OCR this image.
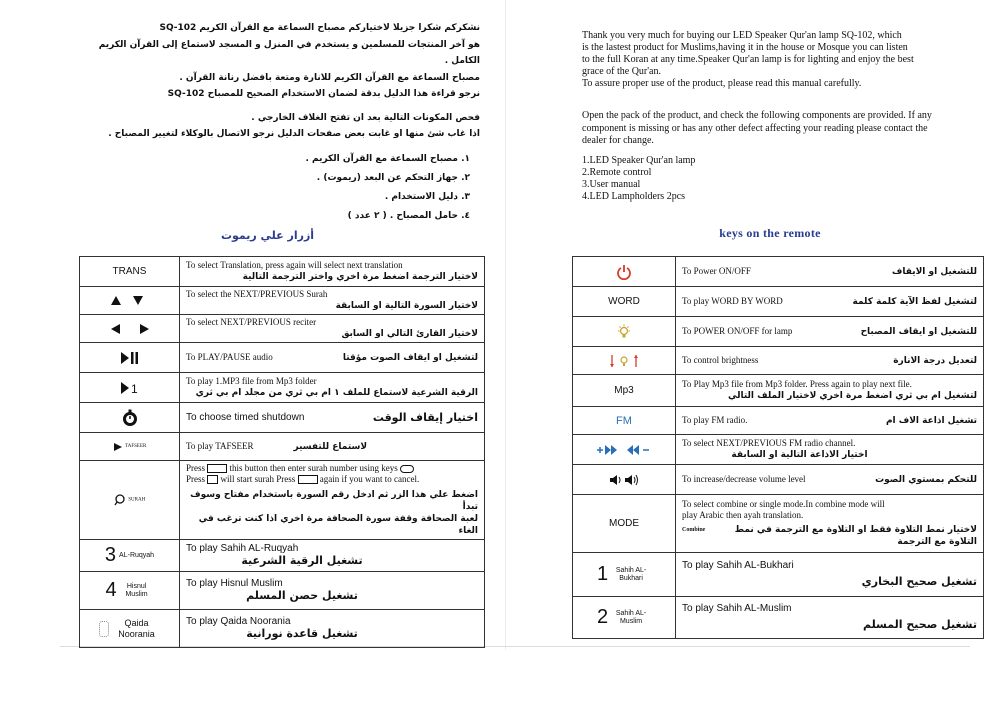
نشكركم شكرا جزيلا لاختياركم مصباح السماعة مع القرآن الكريم SQ-102

هو آخر المنتجات للمسلمين و يستخدم في المنزل و المسجد لاستماع إلى القرآن الكريم الكامل .

مصباح السماعة مع القرآن الكريم للانارة ومتعة بافضل رنانة القرآن .

نرجو قراءة هذا الدليل بدقة لضمان الاستخدام الصحيح للمصباح SQ-102

فحص المكونات التالية بعد ان تفتح الغلاف الخارجي .

اذا غاب شئ منها او غابت بعض صفحات الدليل نرجو الاتصال بالوكلاء لتغيير المصباح .

١. مصباح السماعة مع القرآن الكريم .
٢. جهاز التحكم عن البعد (ريموت) .
٣. دليل الاستخدام .
٤. حامل المصباح . ( ٢ عدد )
أزرار علي ريموت
TRANS	To select Translation, press again will select next translation
لاختيار الترجمة اضغط مرة اخري واختر الترجمة التالية

To select the NEXT/PREVIOUS Surah
لاختيار السورة التالية او السابقة

To select NEXT/PREVIOUS reciter
لاختيار القارئ التالي او السابق

To PLAY/PAUSE audio لتشغيل او ايقاف الصوت مؤقتا

1	To play 1.MP3 file from Mp3 folder
الرقية الشرعية لاستماع للملف ١ ام بي ثري من مجلد ام بي ثري

To choose timed shutdown اختيار إيقاف الوقت

TAFSEER	To play TAFSEER لاستماع للتفسير

SURAH	Press this button then enter surah number using keys
Press will start surah Press again if you want to cancel.
اضغط علي هذا الزر ثم ادخل رقم السورة باستخدام مفتاح وسوف تبدأ
لعبة الصحافة وقفة سورة الصحافة مرة اخري اذا كنت ترغب في الغاء

3 AL-Ruqyah	To play Sahih AL-Ruqyah
تشغيل الرقية الشرعية

4 Hisnul Muslim	To play Hisnul Muslim
تشغيل حصن المسلم

Qaida Noorania	To play Qaida Noorania
تشغيل قاعدة نورانية

Thank you very much for buying our LED Speaker Qur'an lamp SQ-102, which

is the lastest product for Muslims,having it in the house or Mosque you can listen

to the full Koran at any time.Speaker Qur'an lamp is for lighting and enjoy the best

grace of the Qur'an.

To assure proper use of the product, please read this manual carefully.

Open the pack of the product, and check the following components are provided. If any

component is missing or has any other defect affecting your reading please contact the

dealer for change.

1.LED Speaker Qur'an lamp
2.Remote control
3.User manual
4.LED Lampholders 2pcs
keys on the remote

To Power ON/OFF للتشغيل او الايقاف

WORD	To play WORD BY WORD لتشغيل لفظ الآية كلمة كلمة

To POWER ON/OFF for lamp للتشغيل او ايقاف المصباح

To control brightness لتعديل درجة الانارة

Mp3	To Play Mp3 file from Mp3 folder. Press again to play next file.
لتشغيل ام بي ثري اضغط مرة اخري لاختيار الملف التالي

FM	To play FM radio. تشغيل اذاعة الاف ام

To select NEXT/PREVIOUS FM radio channel.
اختيار الاذاعة التالية او السابقة

To increase/decrease volume level للتحكم بمستوي الصوت

MODE	To select combine or single mode.In combine mode will
play Arabic then ayah translation.
Combine لاختيار نمط التلاوة فقط او التلاوة مع الترجمة في نمط
التلاوة مع الترجمة

1 Sahih AL-Bukhari	To play Sahih AL-Bukhari
تشغيل صحيح البخاري

2 Sahih AL-Muslim	To play Sahih AL-Muslim
تشغيل صحيح المسلم
